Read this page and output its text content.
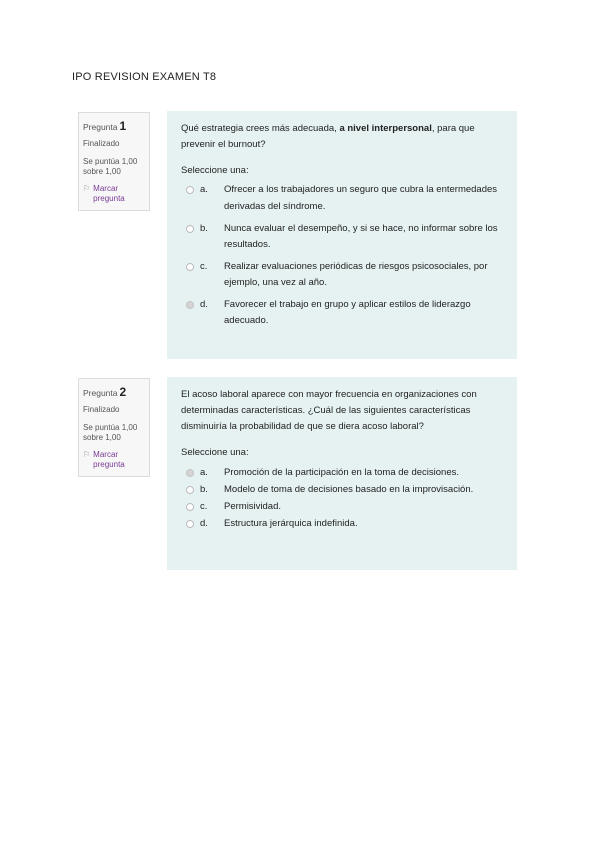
IPO REVISION EXAMEN T8
Pregunta 1
Finalizado
Se puntúa 1,00 sobre 1,00
⚐ Marcar pregunta

Qué estrategia crees más adecuada, a nivel interpersonal, para que prevenir el burnout?

Seleccione una:
a.	Ofrecer a los trabajadores un seguro que cubra la entermedades derivadas del síndrome.
b.	Nunca evaluar el desempeño, y si se hace, no informar sobre los resultados.
c.	Realizar evaluaciones periódicas de riesgos psicosociales, por ejemplo, una vez al año.
d.	Favorecer el trabajo en grupo y aplicar estilos de liderazgo adecuado.
Pregunta 2
Finalizado
Se puntúa 1,00 sobre 1,00
⚐ Marcar pregunta

El acoso laboral aparece con mayor frecuencia en organizaciones con determinadas características. ¿Cuál de las siguientes características disminuiría la probabilidad de que se diera acoso laboral?

Seleccione una:
a.	Promoción de la participación en la toma de decisiones.
b.	Modelo de toma de decisiones basado en la improvisación.
c.	Permisividad.
d.	Estructura jerárquica indefinida.
